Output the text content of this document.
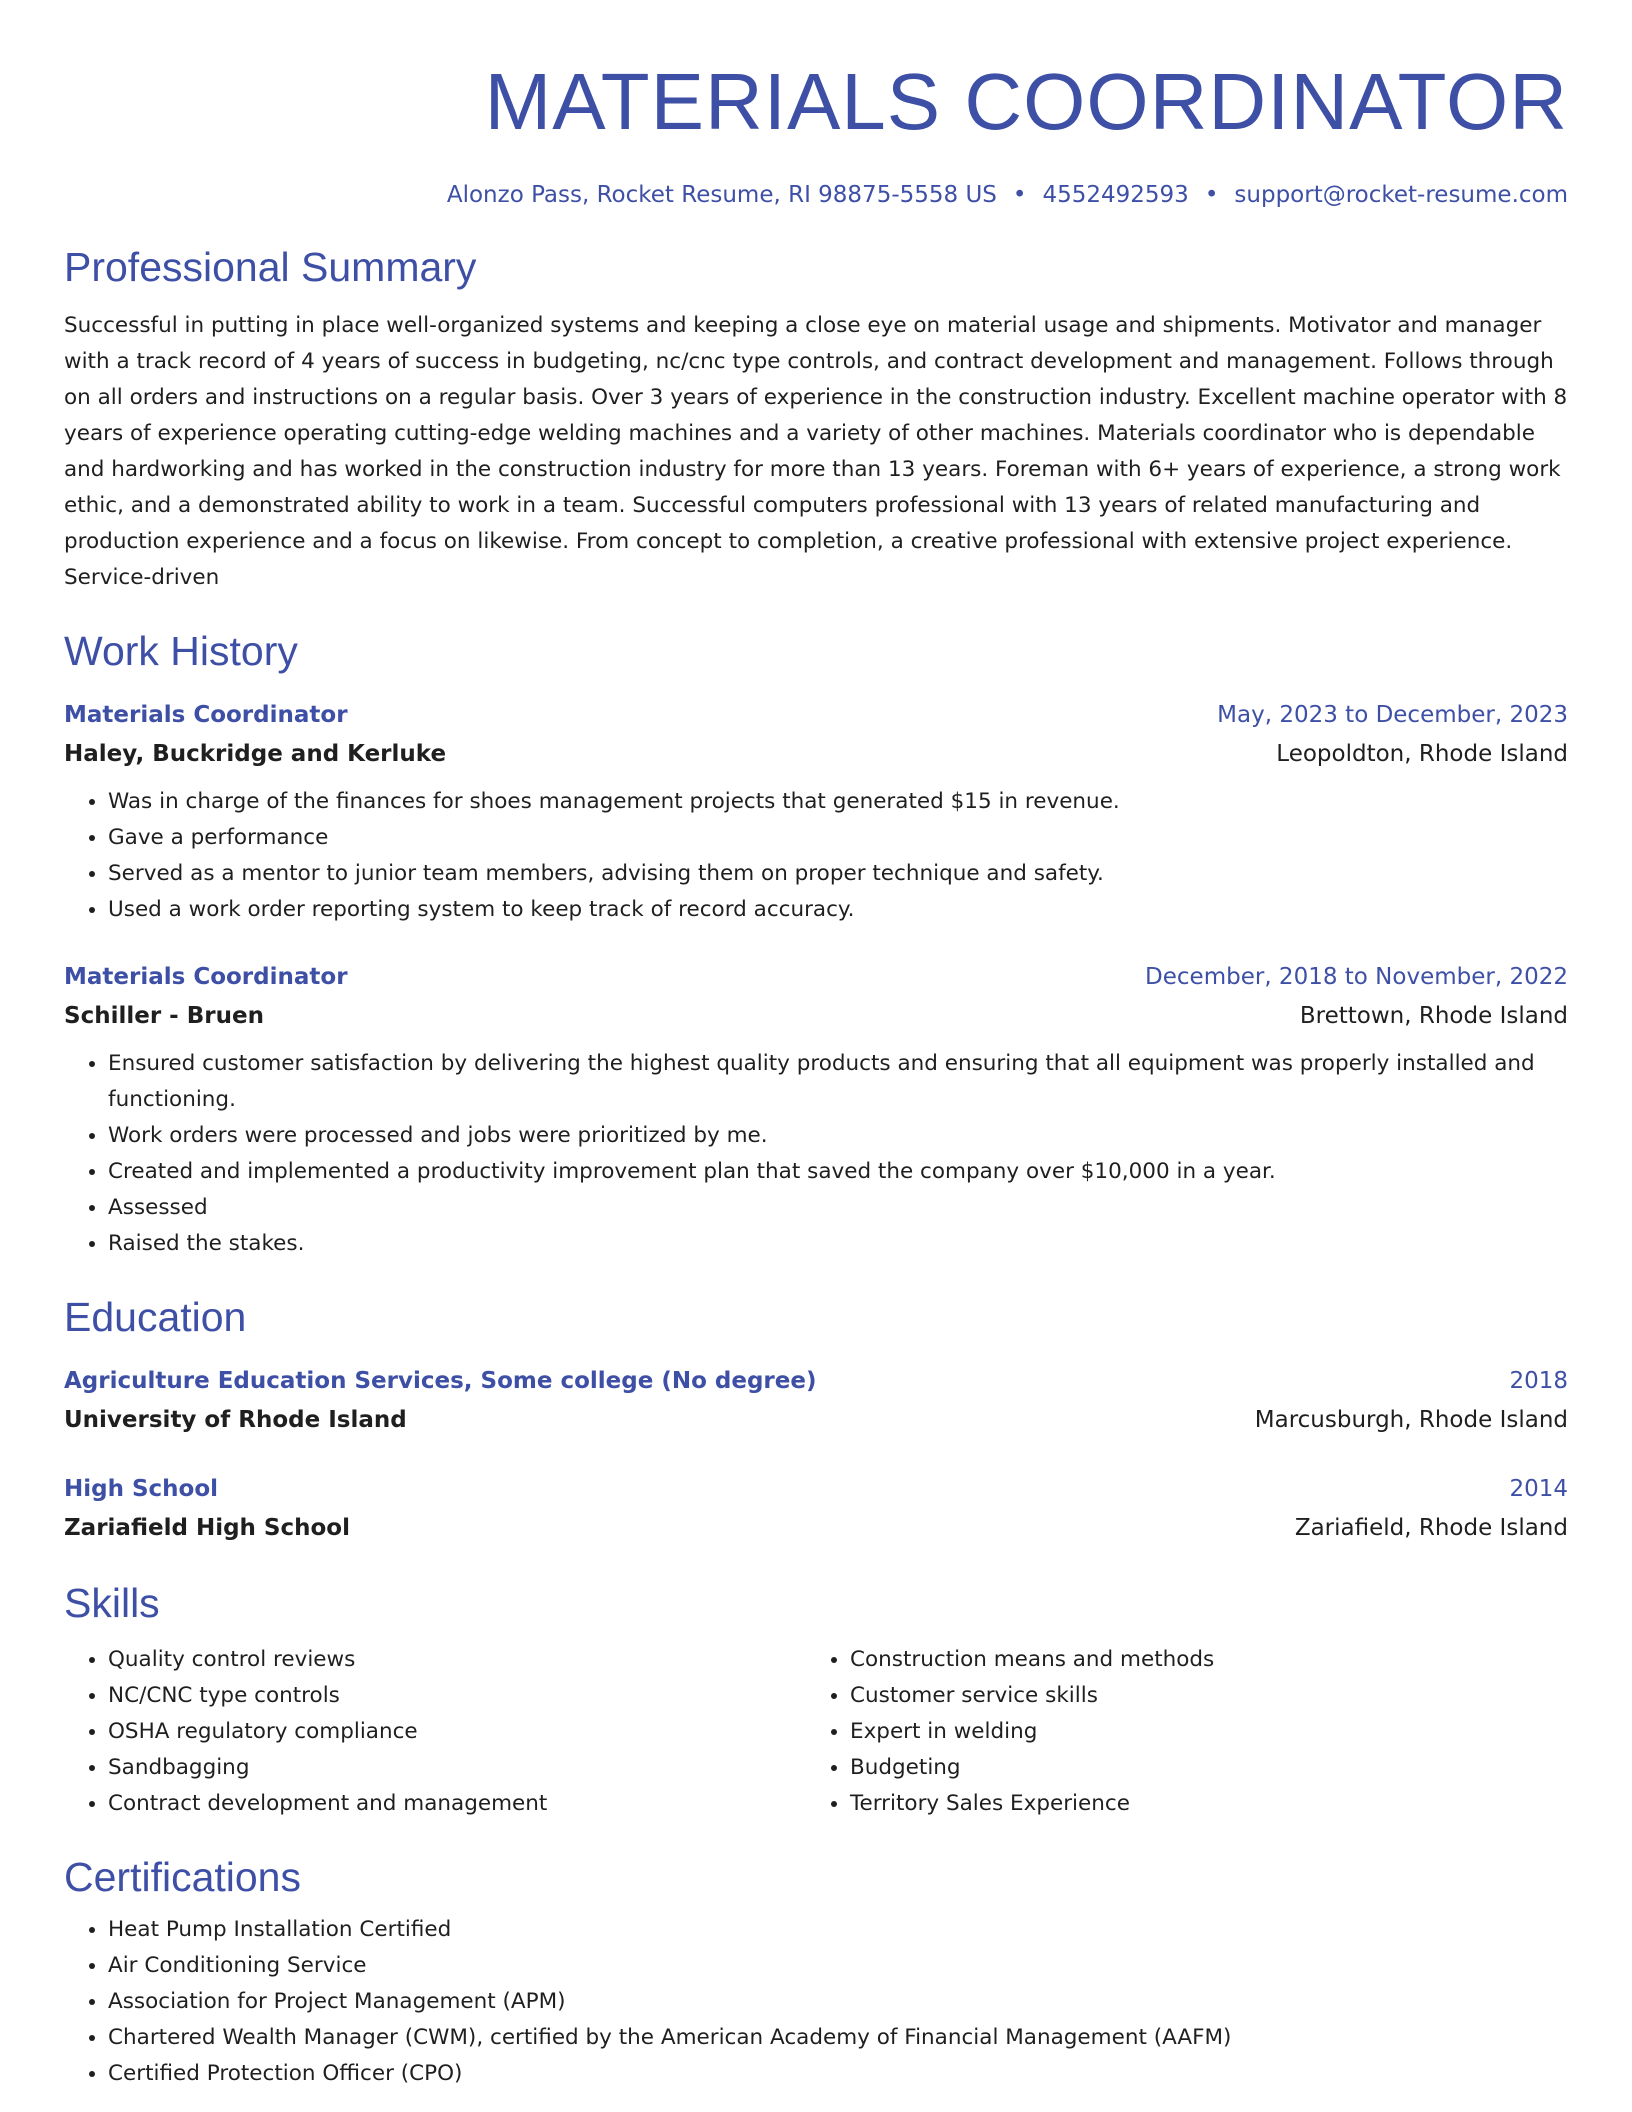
MATERIALS COORDINATOR
Alonzo Pass, Rocket Resume, RI 98875-5558 US • 4552492593 • support@rocket-resume.com
Professional Summary
Successful in putting in place well-organized systems and keeping a close eye on material usage and shipments. Motivator and manager with a track record of 4 years of success in budgeting, nc/cnc type controls, and contract development and management. Follows through on all orders and instructions on a regular basis. Over 3 years of experience in the construction industry. Excellent machine operator with 8 years of experience operating cutting-edge welding machines and a variety of other machines. Materials coordinator who is dependable and hardworking and has worked in the construction industry for more than 13 years. Foreman with 6+ years of experience, a strong work ethic, and a demonstrated ability to work in a team. Successful computers professional with 13 years of related manufacturing and production experience and a focus on likewise. From concept to completion, a creative professional with extensive project experience. Service-driven
Work History
Materials Coordinator	May, 2023 to December, 2023
Haley, Buckridge and Kerluke	Leopoldton, Rhode Island
• Was in charge of the finances for shoes management projects that generated $15 in revenue.
• Gave a performance
• Served as a mentor to junior team members, advising them on proper technique and safety.
• Used a work order reporting system to keep track of record accuracy.
Materials Coordinator	December, 2018 to November, 2022
Schiller - Bruen	Brettown, Rhode Island
• Ensured customer satisfaction by delivering the highest quality products and ensuring that all equipment was properly installed and functioning.
• Work orders were processed and jobs were prioritized by me.
• Created and implemented a productivity improvement plan that saved the company over $10,000 in a year.
• Assessed
• Raised the stakes.
Education
Agriculture Education Services, Some college (No degree)	2018
University of Rhode Island	Marcusburgh, Rhode Island
High School	2014
Zariafield High School	Zariafield, Rhode Island
Skills
• Quality control reviews
• NC/CNC type controls
• OSHA regulatory compliance
• Sandbagging
• Contract development and management
• Construction means and methods
• Customer service skills
• Expert in welding
• Budgeting
• Territory Sales Experience
Certifications
• Heat Pump Installation Certified
• Air Conditioning Service
• Association for Project Management (APM)
• Chartered Wealth Manager (CWM), certified by the American Academy of Financial Management (AAFM)
• Certified Protection Officer (CPO)
